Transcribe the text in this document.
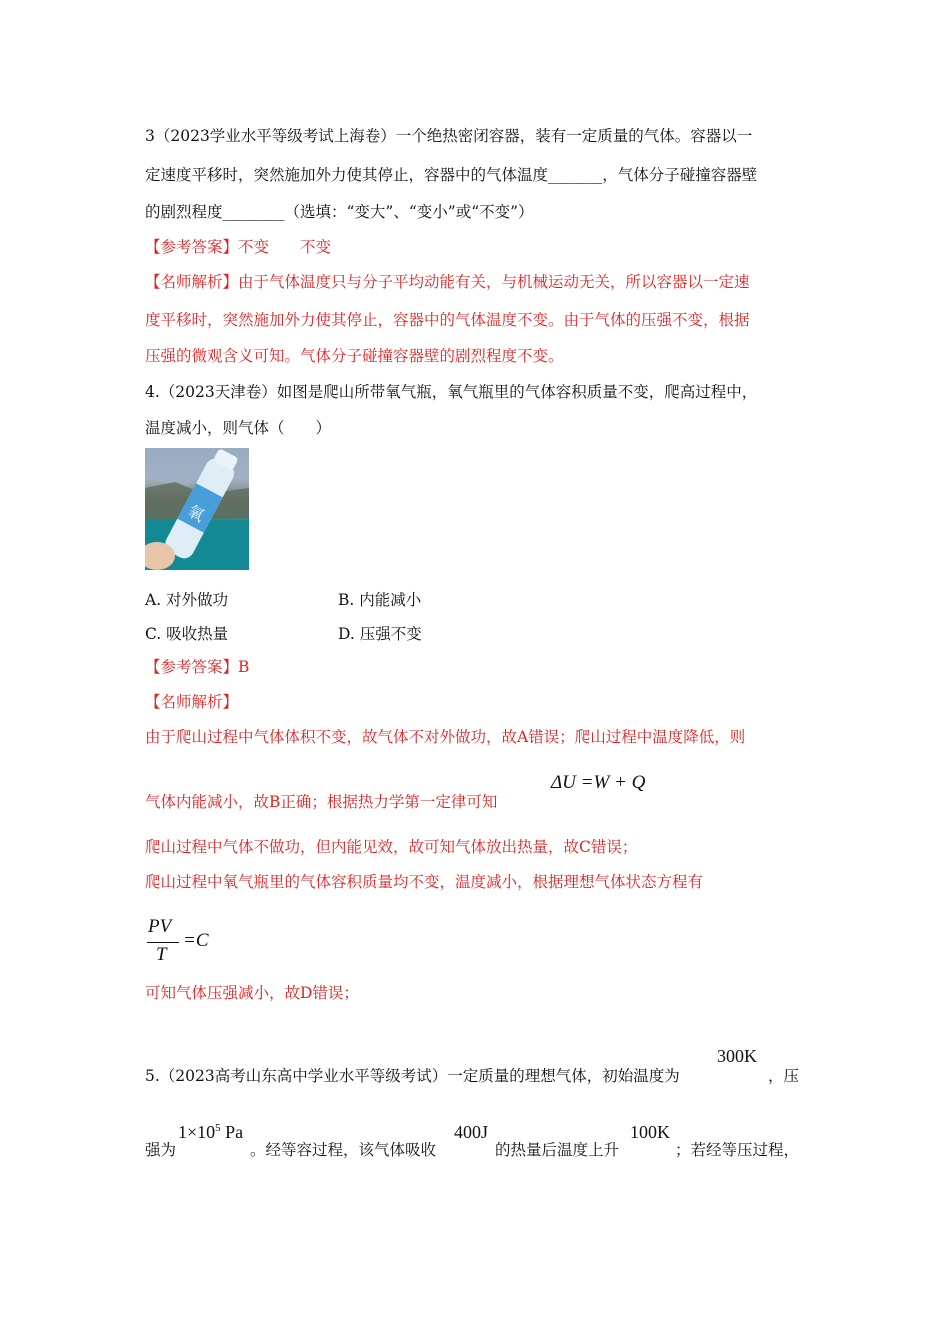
3（2023学业水平等级考试上海卷）一个绝热密闭容器，装有一定质量的气体。容器以一
定速度平移时，突然施加外力使其停止，容器中的气体温度_______，气体分子碰撞容器壁
的剧烈程度________（选填：“变大”、“变小”或“不变”）
【参考答案】不变　　不变
【名师解析】由于气体温度只与分子平均动能有关，与机械运动无关，所以容器以一定速
度平移时，突然施加外力使其停止，容器中的气体温度不变。由于气体的压强不变，根据
压强的微观含义可知。气体分子碰撞容器壁的剧烈程度不变。
4.（2023天津卷）如图是爬山所带氧气瓶，氧气瓶里的气体容积质量不变，爬高过程中，
温度减小，则气体（　　）
氧
A. 对外做功	B. 内能减小
C. 吸收热量	D. 压强不变
【参考答案】B
【名师解析】
由于爬山过程中气体体积不变，故气体不对外做功，故A错误；爬山过程中温度降低，则
气体内能减小，故B正确；根据热力学第一定律可知
ΔU =W + Q
爬山过程中气体不做功，但内能见效，故可知气体放出热量，故C错误；
爬山过程中氧气瓶里的气体容积质量均不变，温度减小，根据理想气体状态方程有
PV
T
=C
可知气体压强减小，故D错误；
5.（2023高考山东高中学业水平等级考试）一定质量的理想气体，初始温度为
300K
，压
强为
$1\times 10^5$ Pa
。经等容过程，该气体吸收
400J
的热量后温度上升
100K
；若经等压过程，
